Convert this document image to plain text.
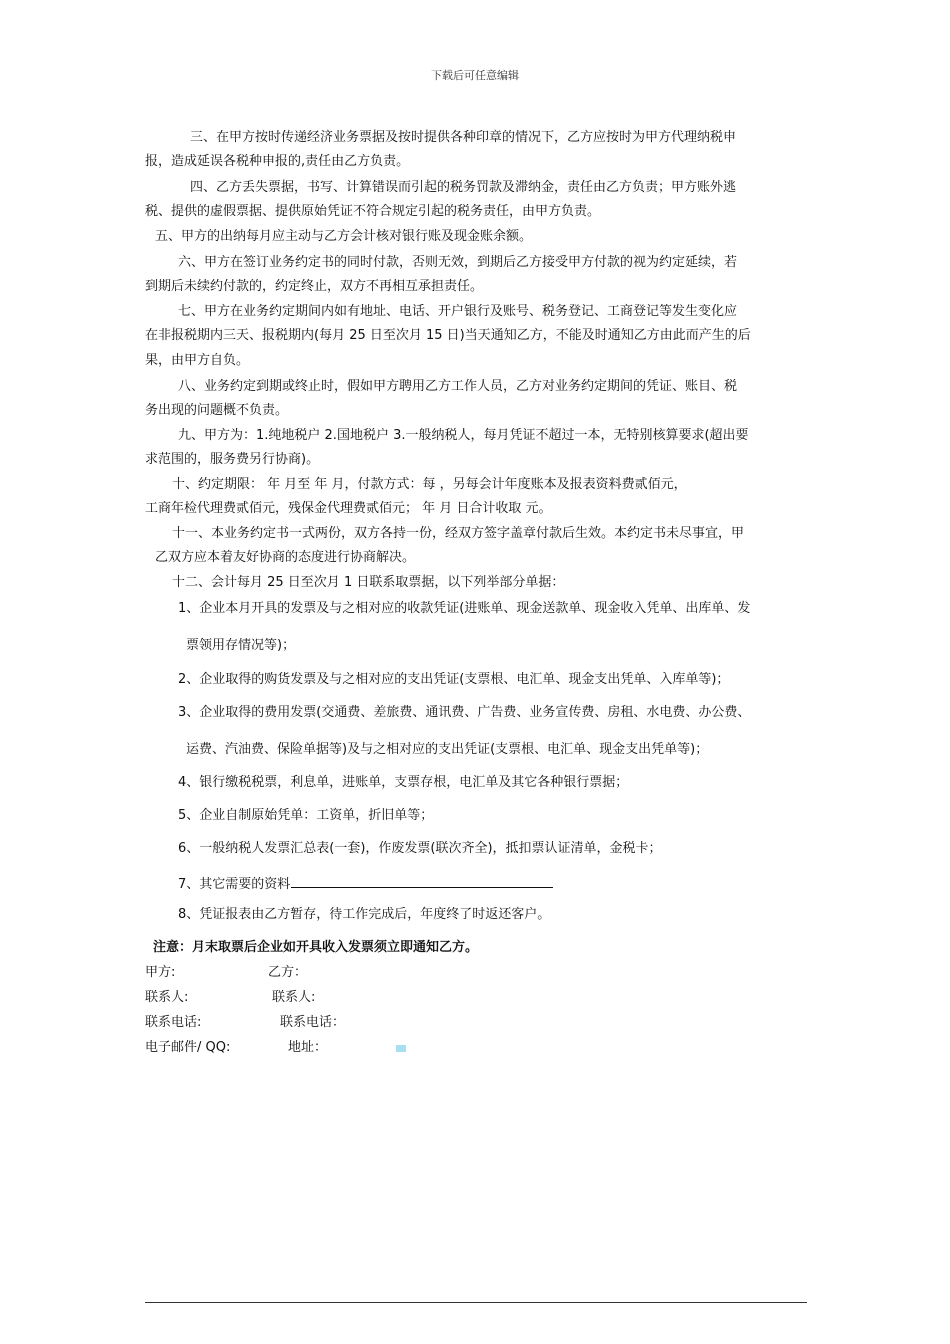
下载后可任意编辑
三、在甲方按时传递经济业务票据及按时提供各种印章的情况下，乙方应按时为甲方代理纳税申
报，造成延误各税种申报的,责任由乙方负责。
四、乙方丢失票据，书写、计算错误而引起的税务罚款及滞纳金，责任由乙方负责；甲方账外逃
税、提供的虚假票据、提供原始凭证不符合规定引起的税务责任，由甲方负责。
五、甲方的出纳每月应主动与乙方会计核对银行账及现金账余额。
六、甲方在签订业务约定书的同时付款，否则无效，到期后乙方接受甲方付款的视为约定延续，若
到期后未续约付款的，约定终止，双方不再相互承担责任。
七、甲方在业务约定期间内如有地址、电话、开户银行及账号、税务登记、工商登记等发生变化应
在非报税期内三天、报税期内(每月 25 日至次月 15 日)当天通知乙方，不能及时通知乙方由此而产生的后
果，由甲方自负。
八、业务约定到期或终止时，假如甲方聘用乙方工作人员，乙方对业务约定期间的凭证、账目、税
务出现的问题概不负责。
九、甲方为：1.纯地税户 2.国地税户 3.一般纳税人，每月凭证不超过一本，无特别核算要求(超出要
求范围的，服务费另行协商)。
十、约定期限： 年 月至 年 月，付款方式：每 ，另每会计年度账本及报表资料费贰佰元，
工商年检代理费贰佰元，残保金代理费贰佰元； 年 月 日合计收取 元。
十一、本业务约定书一式两份，双方各持一份，经双方签字盖章付款后生效。本约定书未尽事宜，甲
乙双方应本着友好协商的态度进行协商解决。
十二、会计每月 25 日至次月 1 日联系取票据，以下列举部分单据：
1、企业本月开具的发票及与之相对应的收款凭证(进账单、现金送款单、现金收入凭单、出库单、发
票领用存情况等)；
2、企业取得的购货发票及与之相对应的支出凭证(支票根、电汇单、现金支出凭单、入库单等)；
3、企业取得的费用发票(交通费、差旅费、通讯费、广告费、业务宣传费、房租、水电费、办公费、
运费、汽油费、保险单据等)及与之相对应的支出凭证(支票根、电汇单、现金支出凭单等)；
4、银行缴税税票，利息单，进账单，支票存根，电汇单及其它各种银行票据；
5、企业自制原始凭单：工资单，折旧单等；
6、一般纳税人发票汇总表(一套)，作废发票(联次齐全)，抵扣票认证清单，金税卡；
7、其它需要的资料
8、凭证报表由乙方暂存，待工作完成后，年度终了时返还客户。
注意：月末取票后企业如开具收入发票须立即通知乙方。
甲方:	乙方：
联系人:	联系人:
联系电话:	联系电话：
电子邮件/ QQ:	地址：
